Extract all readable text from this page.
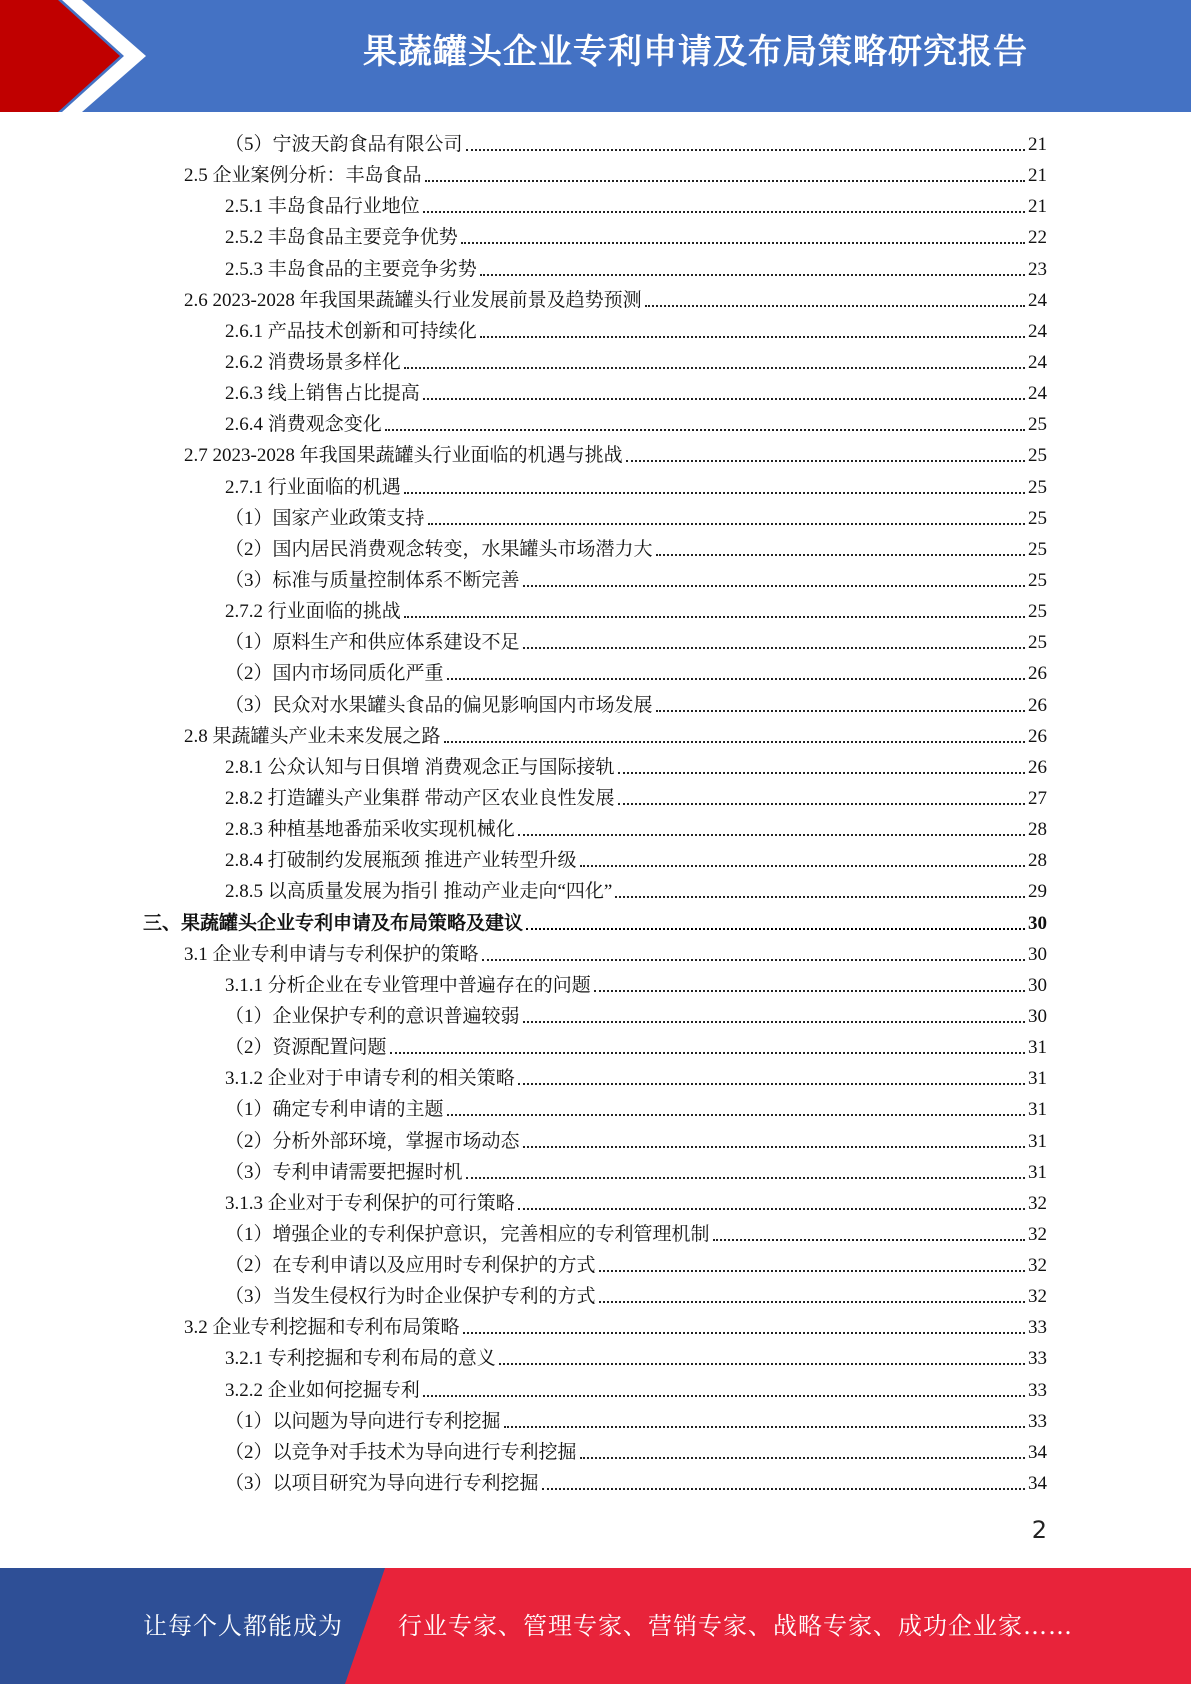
果蔬罐头企业专利申请及布局策略研究报告
（5）宁波天韵食品有限公司	21
2.5 企业案例分析：丰岛食品	21
2.5.1 丰岛食品行业地位	21
2.5.2 丰岛食品主要竞争优势	22
2.5.3 丰岛食品的主要竞争劣势	23
2.6 2023-2028 年我国果蔬罐头行业发展前景及趋势预测	24
2.6.1 产品技术创新和可持续化	24
2.6.2 消费场景多样化	24
2.6.3 线上销售占比提高	24
2.6.4 消费观念变化	25
2.7 2023-2028 年我国果蔬罐头行业面临的机遇与挑战	25
2.7.1 行业面临的机遇	25
（1）国家产业政策支持	25
（2）国内居民消费观念转变，水果罐头市场潜力大	25
（3）标准与质量控制体系不断完善	25
2.7.2 行业面临的挑战	25
（1）原料生产和供应体系建设不足	25
（2）国内市场同质化严重	26
（3）民众对水果罐头食品的偏见影响国内市场发展	26
2.8 果蔬罐头产业未来发展之路	26
2.8.1 公众认知与日俱增 消费观念正与国际接轨	26
2.8.2 打造罐头产业集群 带动产区农业良性发展	27
2.8.3 种植基地番茄采收实现机械化	28
2.8.4 打破制约发展瓶颈 推进产业转型升级	28
2.8.5 以高质量发展为指引 推动产业走向“四化”	29
三、果蔬罐头企业专利申请及布局策略及建议	30
3.1 企业专利申请与专利保护的策略	30
3.1.1 分析企业在专业管理中普遍存在的问题	30
（1）企业保护专利的意识普遍较弱	30
（2）资源配置问题	31
3.1.2 企业对于申请专利的相关策略	31
（1）确定专利申请的主题	31
（2）分析外部环境，掌握市场动态	31
（3）专利申请需要把握时机	31
3.1.3 企业对于专利保护的可行策略	32
（1）增强企业的专利保护意识，完善相应的专利管理机制	32
（2）在专利申请以及应用时专利保护的方式	32
（3）当发生侵权行为时企业保护专利的方式	32
3.2 企业专利挖掘和专利布局策略	33
3.2.1 专利挖掘和专利布局的意义	33
3.2.2 企业如何挖掘专利	33
（1）以问题为导向进行专利挖掘	33
（2）以竞争对手技术为导向进行专利挖掘	34
（3）以项目研究为导向进行专利挖掘	34
2
让每个人都能成为 行业专家、管理专家、营销专家、战略专家、成功企业家……
